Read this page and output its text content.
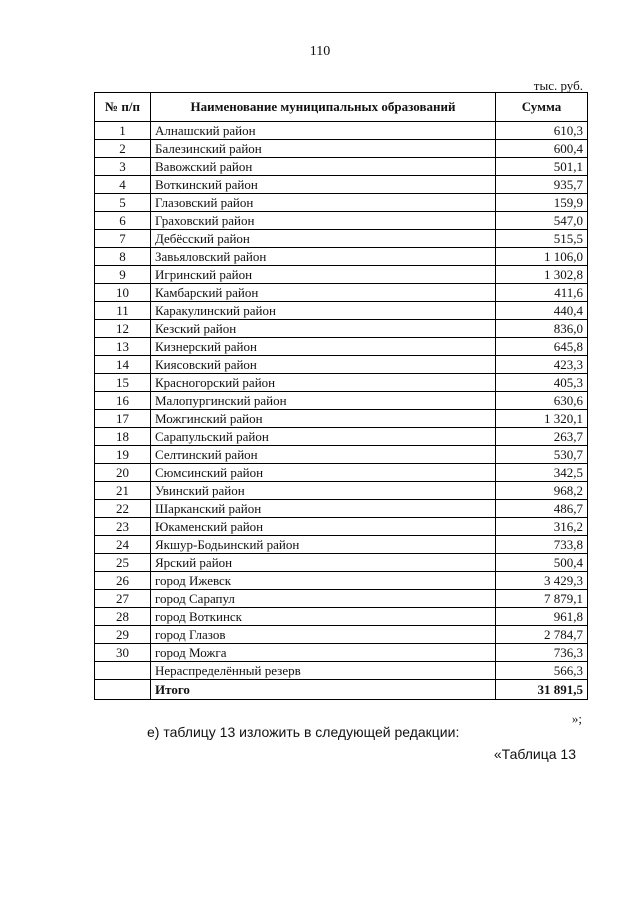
110
тыс. руб.
№ п/п	Наименование муниципальных образований	Сумма
1	Алнашский район	610,3
2	Балезинский район	600,4
3	Вавожский район	501,1
4	Воткинский район	935,7
5	Глазовский район	159,9
6	Граховский район	547,0
7	Дебёсский район	515,5
8	Завьяловский район	1 106,0
9	Игринский район	1 302,8
10	Камбарский район	411,6
11	Каракулинский район	440,4
12	Кезский район	836,0
13	Кизнерский район	645,8
14	Киясовский район	423,3
15	Красногорский район	405,3
16	Малопургинский район	630,6
17	Можгинский район	1 320,1
18	Сарапульский район	263,7
19	Селтинский район	530,7
20	Сюмсинский район	342,5
21	Увинский район	968,2
22	Шарканский район	486,7
23	Юкаменский район	316,2
24	Якшур-Бодьинский район	733,8
25	Ярский район	500,4
26	город Ижевск	3 429,3
27	город Сарапул	7 879,1
28	город Воткинск	961,8
29	город Глазов	2 784,7
30	город Можга	736,3
	Нераспределённый резерв	566,3
	Итого	31 891,5
»;
е) таблицу 13 изложить в следующей редакции:
«Таблица 13
